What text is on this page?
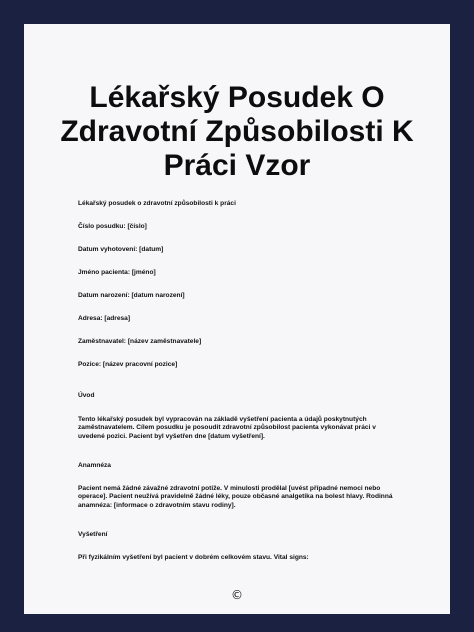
Lékařský Posudek O Zdravotní Způsobilosti K Práci Vzor

Lékařský posudek o zdravotní způsobilosti k práci

Číslo posudku: [číslo]

Datum vyhotovení: [datum]

Jméno pacienta: [jméno]

Datum narození: [datum narození]

Adresa: [adresa]

Zaměstnavatel: [název zaměstnavatele]

Pozice: [název pracovní pozice]

Úvod

Tento lékařský posudek byl vypracován na základě vyšetření pacienta a údajů poskytnutých zaměstnavatelem. Cílem posudku je posoudit zdravotní způsobilost pacienta vykonávat práci v uvedené pozici. Pacient byl vyšetřen dne [datum vyšetření].

Anamnéza

Pacient nemá žádné závažné zdravotní potíže. V minulosti prodělal [uvést případné nemoci nebo operace]. Pacient neužívá pravidelně žádné léky, pouze občasné analgetika na bolest hlavy. Rodinná anamnéza: [informace o zdravotním stavu rodiny].

Vyšetření

Při fyzikálním vyšetření byl pacient v dobrém celkovém stavu. Vital signs:

©
